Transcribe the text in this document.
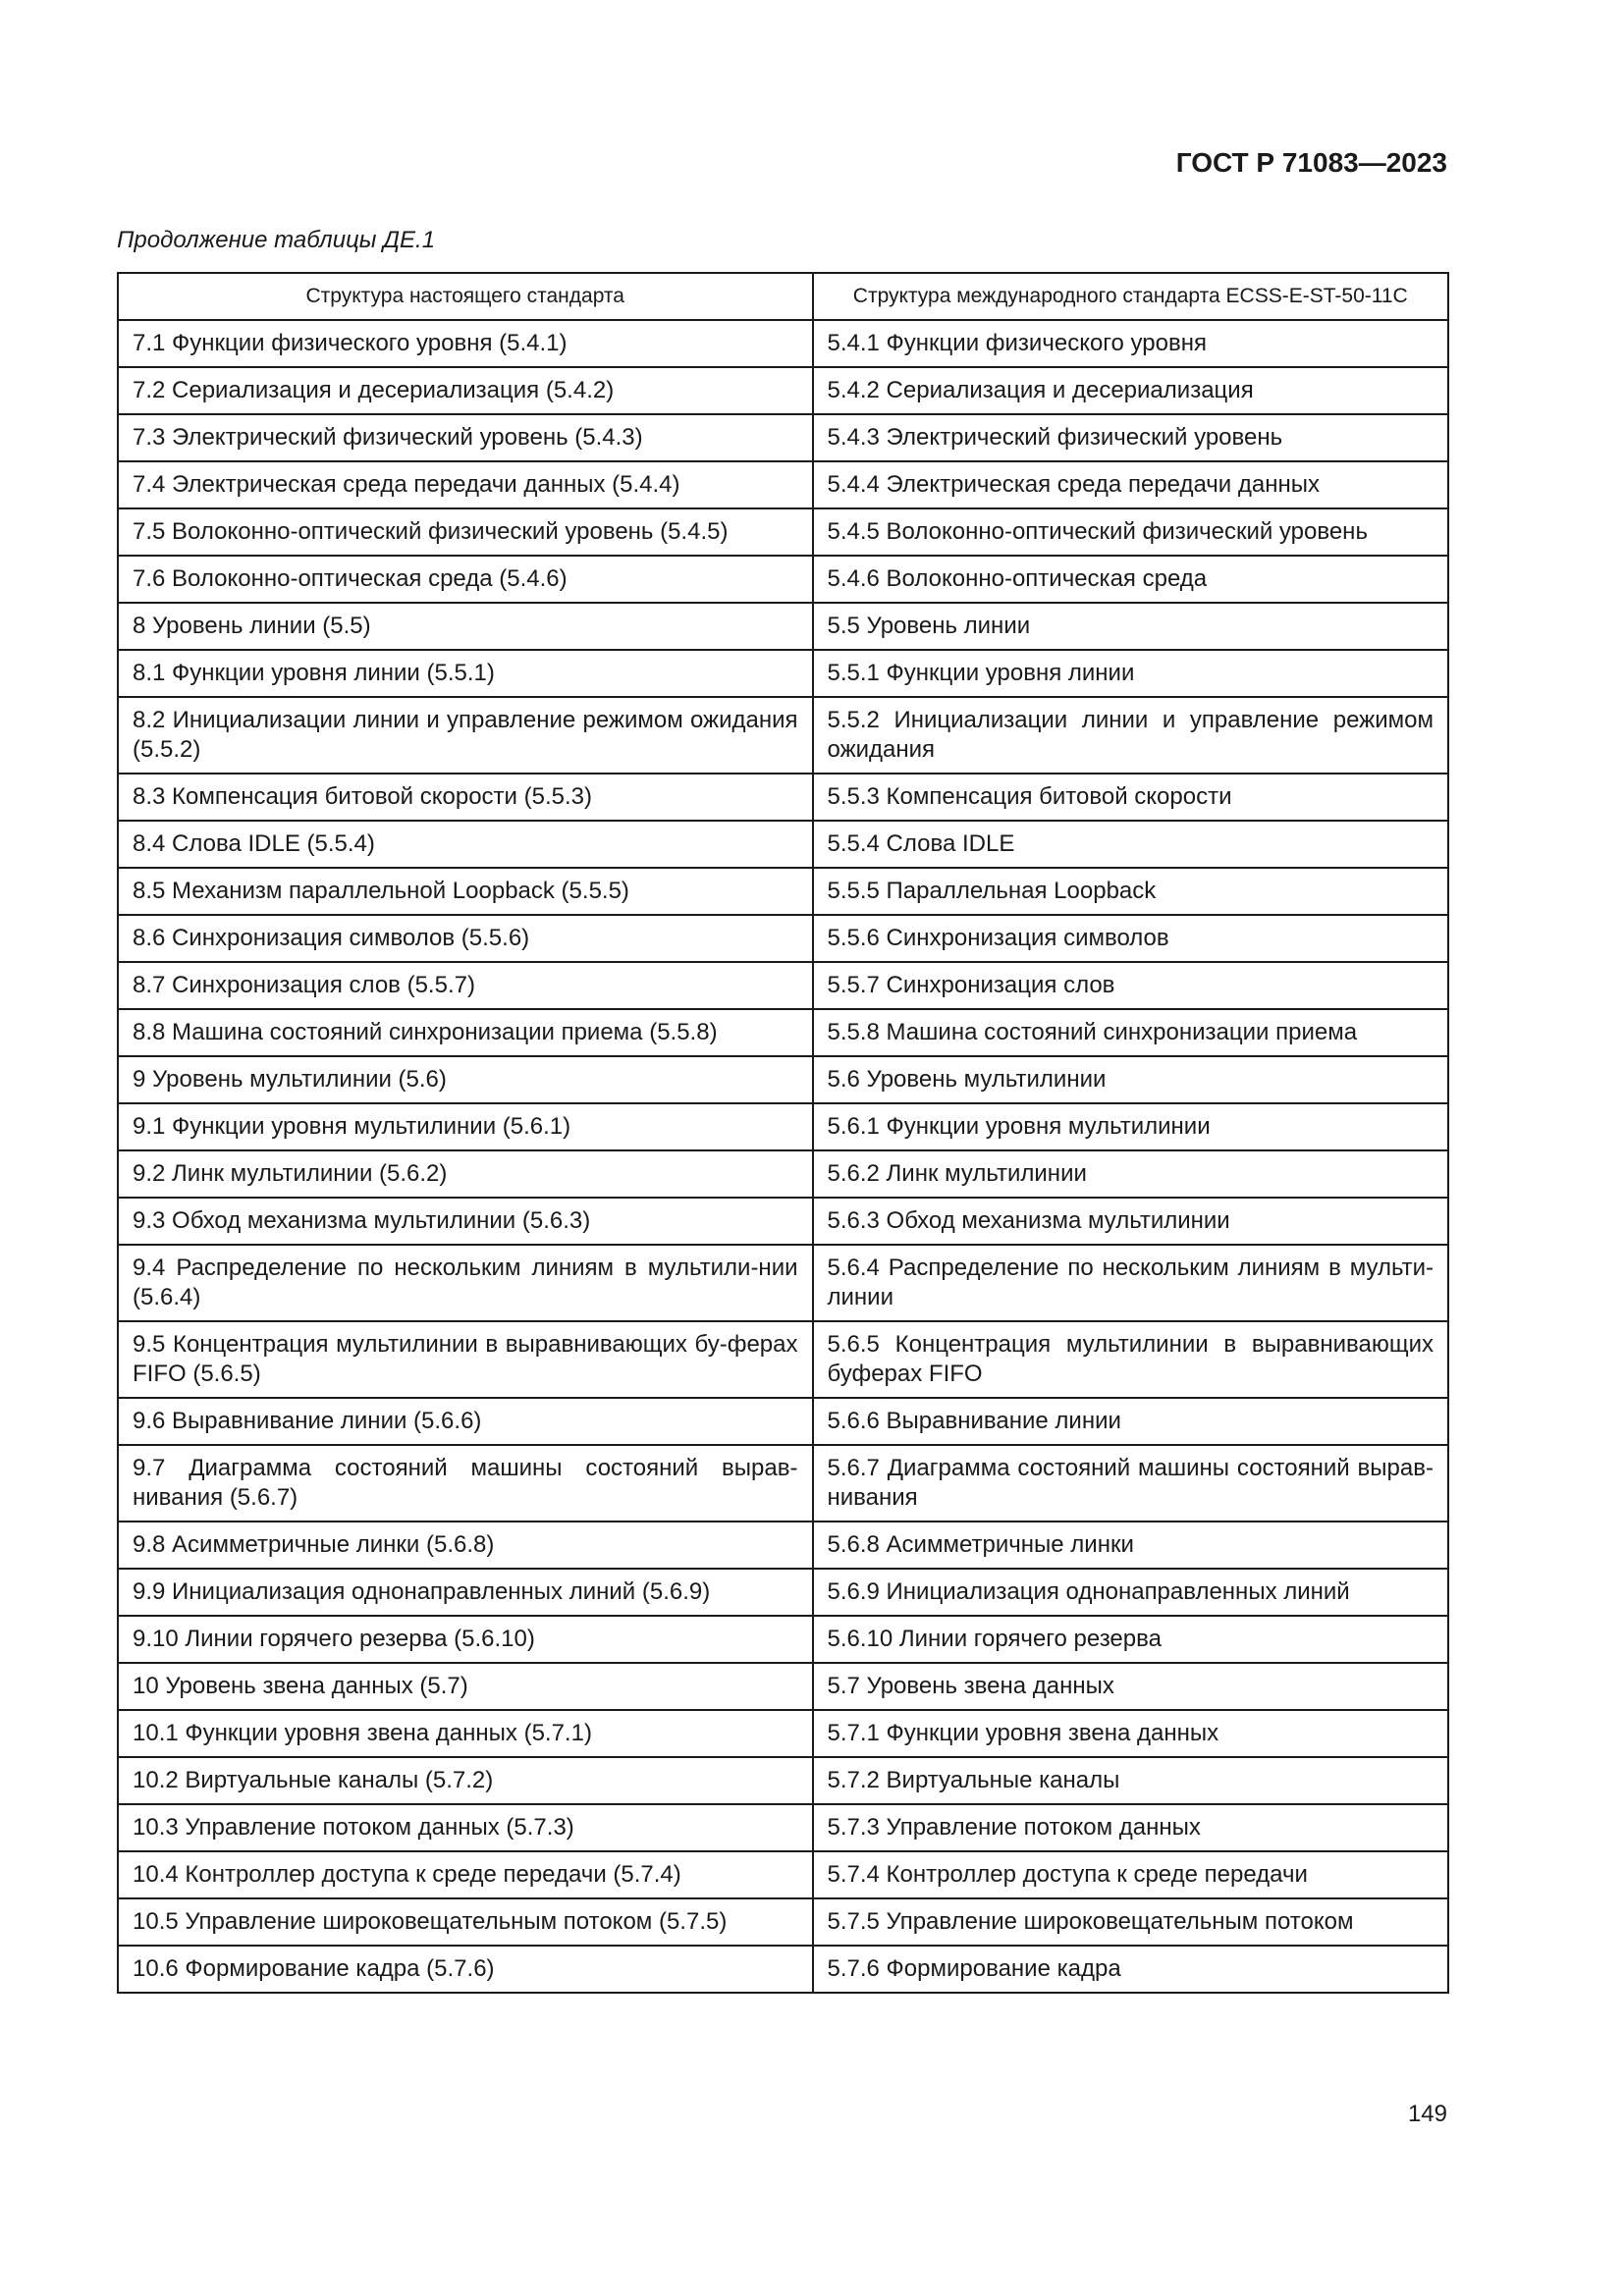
ГОСТ Р 71083—2023
Продолжение таблицы ДЕ.1
Структура настоящего стандарта	Структура международного стандарта ECSS-E-ST-50-11C
7.1 Функции физического уровня (5.4.1)	5.4.1 Функции физического уровня
7.2 Сериализация и десериализация (5.4.2)	5.4.2 Сериализация и десериализация
7.3 Электрический физический уровень (5.4.3)	5.4.3 Электрический физический уровень
7.4 Электрическая среда передачи данных (5.4.4)	5.4.4 Электрическая среда передачи данных
7.5 Волоконно-оптический физический уровень (5.4.5)	5.4.5 Волоконно-оптический физический уровень
7.6 Волоконно-оптическая среда (5.4.6)	5.4.6 Волоконно-оптическая среда
8 Уровень линии (5.5)	5.5 Уровень линии
8.1 Функции уровня линии (5.5.1)	5.5.1 Функции уровня линии
8.2 Инициализации линии и управление режимом ожидания (5.5.2)	5.5.2 Инициализации линии и управление режимом ожидания
8.3 Компенсация битовой скорости (5.5.3)	5.5.3 Компенсация битовой скорости
8.4 Слова IDLE (5.5.4)	5.5.4 Слова IDLE
8.5 Механизм параллельной Loopback (5.5.5)	5.5.5 Параллельная Loopback
8.6 Синхронизация символов (5.5.6)	5.5.6 Синхронизация символов
8.7 Синхронизация слов (5.5.7)	5.5.7 Синхронизация слов
8.8 Машина состояний синхронизации приема (5.5.8)	5.5.8 Машина состояний синхронизации приема
9 Уровень мультилинии (5.6)	5.6 Уровень мультилинии
9.1 Функции уровня мультилинии (5.6.1)	5.6.1 Функции уровня мультилинии
9.2 Линк мультилинии (5.6.2)	5.6.2 Линк мультилинии
9.3 Обход механизма мультилинии (5.6.3)	5.6.3 Обход механизма мультилинии
9.4 Распределение по нескольким линиям в мультили-нии (5.6.4)	5.6.4 Распределение по нескольким линиям в мульти-линии
9.5 Концентрация мультилинии в выравнивающих бу-ферах FIFO (5.6.5)	5.6.5 Концентрация мультилинии в выравнивающих буферах FIFO
9.6 Выравнивание линии (5.6.6)	5.6.6 Выравнивание линии
9.7 Диаграмма состояний машины состояний вырав-нивания (5.6.7)	5.6.7 Диаграмма состояний машины состояний вырав-нивания
9.8 Асимметричные линки (5.6.8)	5.6.8 Асимметричные линки
9.9 Инициализация однонаправленных линий (5.6.9)	5.6.9 Инициализация однонаправленных линий
9.10 Линии горячего резерва (5.6.10)	5.6.10 Линии горячего резерва
10 Уровень звена данных (5.7)	5.7 Уровень звена данных
10.1 Функции уровня звена данных (5.7.1)	5.7.1 Функции уровня звена данных
10.2 Виртуальные каналы (5.7.2)	5.7.2 Виртуальные каналы
10.3 Управление потоком данных (5.7.3)	5.7.3 Управление потоком данных
10.4 Контроллер доступа к среде передачи (5.7.4)	5.7.4 Контроллер доступа к среде передачи
10.5 Управление широковещательным потоком (5.7.5)	5.7.5 Управление широковещательным потоком
10.6 Формирование кадра (5.7.6)	5.7.6 Формирование кадра
149
